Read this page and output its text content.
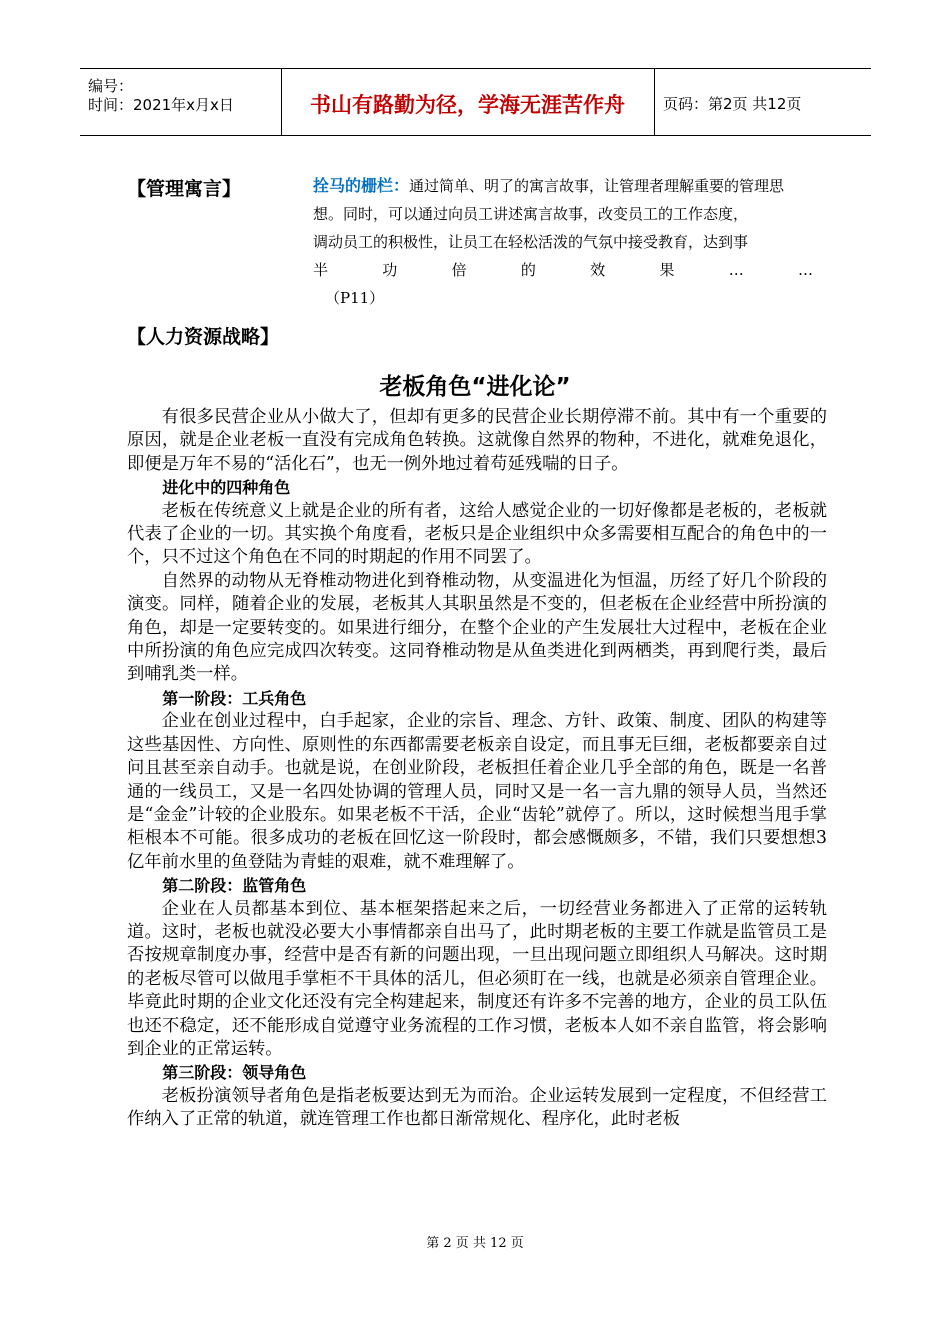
编号：
时间：2021年x月x日	书山有路勤为径，学海无涯苦作舟	页码：第2页 共12页
【管理寓言】	拴马的栅栏：通过简单、明了的寓言故事，让管理者理解重要的管理思
想。同时，可以通过向员工讲述寓言故事，改变员工的工作态度，
调动员工的积极性，让员工在轻松活泼的气氛中接受教育，达到事
半	功	倍	的	效	果	…	…
（P11）
【人力资源战略】
老板角色“进化论”

有很多民营企业从小做大了，但却有更多的民营企业长期停滞不前。其中有一个重要的原因，就是企业老板一直没有完成角色转换。这就像自然界的物种，不进化，就难免退化，即便是万年不易的“活化石”，也无一例外地过着苟延残喘的日子。

进化中的四种角色

老板在传统意义上就是企业的所有者，这给人感觉企业的一切好像都是老板的，老板就代表了企业的一切。其实换个角度看，老板只是企业组织中众多需要相互配合的角色中的一个，只不过这个角色在不同的时期起的作用不同罢了。

自然界的动物从无脊椎动物进化到脊椎动物，从变温进化为恒温，历经了好几个阶段的演变。同样，随着企业的发展，老板其人其职虽然是不变的，但老板在企业经营中所扮演的角色，却是一定要转变的。如果进行细分，在整个企业的产生发展壮大过程中，老板在企业中所扮演的角色应完成四次转变。这同脊椎动物是从鱼类进化到两栖类，再到爬行类，最后到哺乳类一样。

第一阶段：工兵角色

企业在创业过程中，白手起家，企业的宗旨、理念、方针、政策、制度、团队的构建等这些基因性、方向性、原则性的东西都需要老板亲自设定，而且事无巨细，老板都要亲自过问且甚至亲自动手。也就是说，在创业阶段，老板担任着企业几乎全部的角色，既是一名普通的一线员工，又是一名四处协调的管理人员，同时又是一名一言九鼎的领导人员，当然还是“金金”计较的企业股东。如果老板不干活，企业“齿轮”就停了。所以，这时候想当甩手掌柜根本不可能。很多成功的老板在回忆这一阶段时，都会感慨颇多，不错，我们只要想想3亿年前水里的鱼登陆为青蛙的艰难，就不难理解了。

第二阶段：监管角色

企业在人员都基本到位、基本框架搭起来之后，一切经营业务都进入了正常的运转轨道。这时，老板也就没必要大小事情都亲自出马了，此时期老板的主要工作就是监管员工是否按规章制度办事，经营中是否有新的问题出现，一旦出现问题立即组织人马解决。这时期的老板尽管可以做甩手掌柜不干具体的活儿，但必须盯在一线，也就是必须亲自管理企业。毕竟此时期的企业文化还没有完全构建起来，制度还有许多不完善的地方，企业的员工队伍也还不稳定，还不能形成自觉遵守业务流程的工作习惯，老板本人如不亲自监管，将会影响到企业的正常运转。

第三阶段：领导角色

老板扮演领导者角色是指老板要达到无为而治。企业运转发展到一定程度，不但经营工作纳入了正常的轨道，就连管理工作也都日渐常规化、程序化，此时老板

第 2 页 共 12 页
